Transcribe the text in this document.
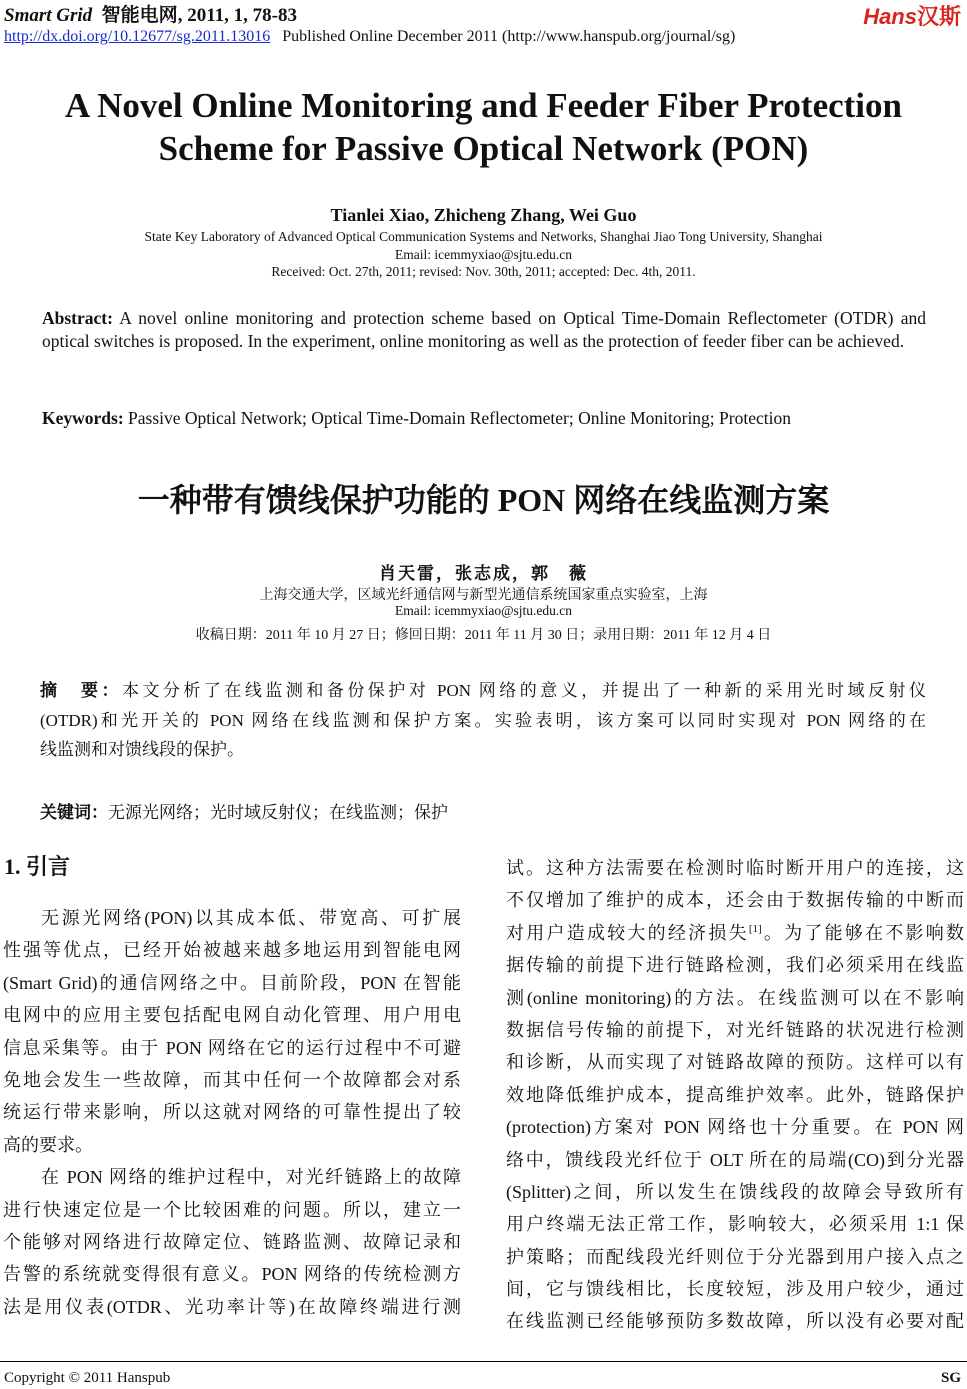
Smart Grid 智能电网, 2011, 1, 78-83	Hans汉斯
http://dx.doi.org/10.12677/sg.2011.13016 Published Online December 2011 (http://www.hanspub.org/journal/sg)
A Novel Online Monitoring and Feeder Fiber Protection
Scheme for Passive Optical Network (PON)
Tianlei Xiao, Zhicheng Zhang, Wei Guo
State Key Laboratory of Advanced Optical Communication Systems and Networks, Shanghai Jiao Tong University, Shanghai
Email: icemmyxiao@sjtu.edu.cn
Received: Oct. 27th, 2011; revised: Nov. 30th, 2011; accepted: Dec. 4th, 2011.
Abstract: A novel online monitoring and protection scheme based on Optical Time-Domain Reflectometer (OTDR) and optical switches is proposed. In the experiment, online monitoring as well as the protection of feeder fiber can be achieved.
Keywords: Passive Optical Network; Optical Time-Domain Reflectometer; Online Monitoring; Protection
一种带有馈线保护功能的 PON 网络在线监测方案
肖天雷，张志成，郭　薇
上海交通大学，区域光纤通信网与新型光通信系统国家重点实验室，上海
Email: icemmyxiao@sjtu.edu.cn
收稿日期：2011 年 10 月 27 日；修回日期：2011 年 11 月 30 日；录用日期：2011 年 12 月 4 日
摘　要：本文分析了在线监测和备份保护对 PON 网络的意义，并提出了一种新的采用光时域反射仪
(OTDR)和光开关的 PON 网络在线监测和保护方案。实验表明，该方案可以同时实现对 PON 网络的在
线监测和对馈线段的保护。
关键词：无源光网络；光时域反射仪；在线监测；保护
1. 引言
无源光网络(PON)以其成本低、带宽高、可扩展
性强等优点，已经开始被越来越多地运用到智能电网
(Smart Grid)的通信网络之中。目前阶段，PON 在智能
电网中的应用主要包括配电网自动化管理、用户用电
信息采集等。由于 PON 网络在它的运行过程中不可避
免地会发生一些故障，而其中任何一个故障都会对系
统运行带来影响，所以这就对网络的可靠性提出了较
高的要求。
在 PON 网络的维护过程中，对光纤链路上的故障
进行快速定位是一个比较困难的问题。所以，建立一
个能够对网络进行故障定位、链路监测、故障记录和
告警的系统就变得很有意义。PON 网络的传统检测方
法是用仪表(OTDR、光功率计等)在故障终端进行测
试。这种方法需要在检测时临时断开用户的连接，这
不仅增加了维护的成本，还会由于数据传输的中断而
对用户造成较大的经济损失[1]。为了能够在不影响数
据传输的前提下进行链路检测，我们必须采用在线监
测(online monitoring)的方法。在线监测可以在不影响
数据信号传输的前提下，对光纤链路的状况进行检测
和诊断，从而实现了对链路故障的预防。这样可以有
效地降低维护成本，提高维护效率。此外，链路保护
(protection)方案对 PON 网络也十分重要。在 PON 网
络中，馈线段光纤位于 OLT 所在的局端(CO)到分光器
(Splitter)之间，所以发生在馈线段的故障会导致所有
用户终端无法正常工作，影响较大，必须采用 1:1 保
护策略；而配线段光纤则位于分光器到用户接入点之
间，它与馈线相比，长度较短，涉及用户较少，通过
在线监测已经能够预防多数故障，所以没有必要对配
Copyright © 2011 Hanspub	SG
